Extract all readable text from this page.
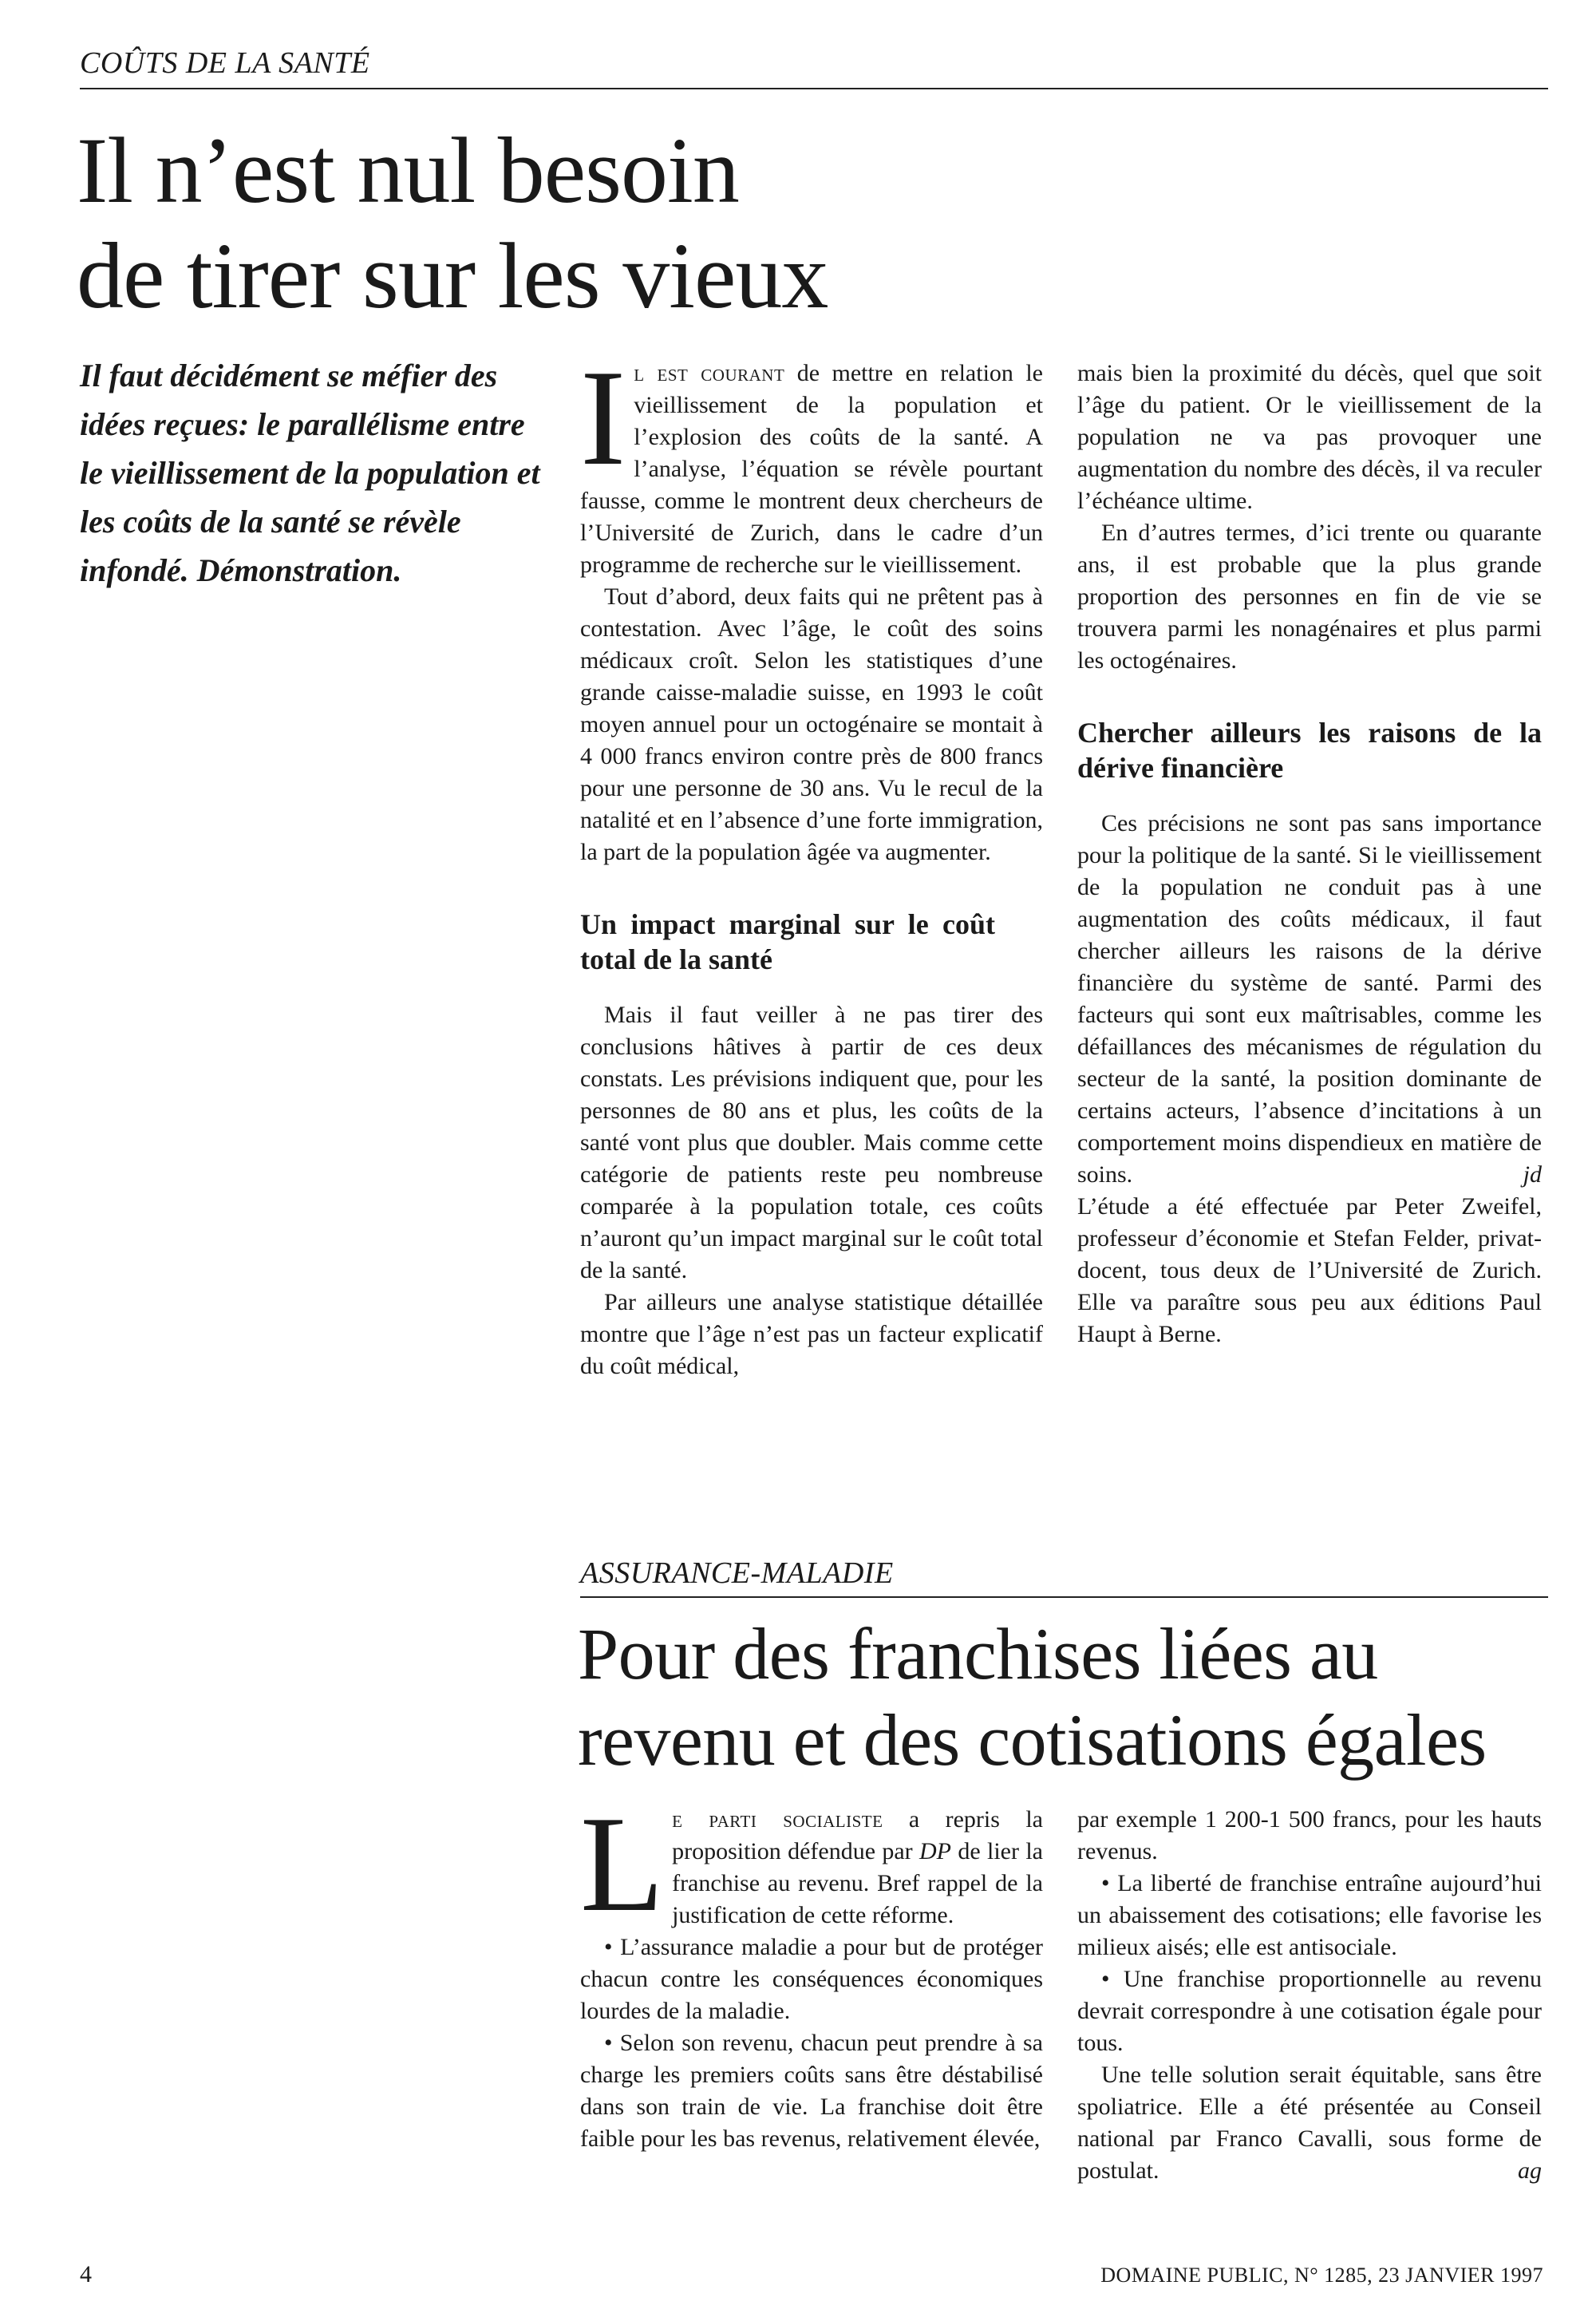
COÛTS DE LA SANTÉ
Il n’est nul besoin
de tirer sur les vieux

Il faut décidément se méfier des idées reçues: le parallélisme entre le vieillissement de la population et les coûts de la santé se révèle infondé. Démonstration.

Il est courant de mettre en relation le vieillissement de la population et l’explosion des coûts de la santé. A l’analyse, l’équation se révèle pourtant fausse, comme le montrent deux chercheurs de l’Université de Zurich, dans le cadre d’un programme de recherche sur le vieillissement.

Tout d’abord, deux faits qui ne prêtent pas à contestation. Avec l’âge, le coût des soins médicaux croît. Selon les statistiques d’une grande caisse-maladie suisse, en 1993 le coût moyen annuel pour un octogénaire se montait à 4 000 francs environ contre près de 800 francs pour une personne de 30 ans. Vu le recul de la natalité et en l’absence d’une forte immigration, la part de la population âgée va augmenter.

Un impact marginal sur le coût total de la santé

Mais il faut veiller à ne pas tirer des conclusions hâtives à partir de ces deux constats. Les prévisions indiquent que, pour les personnes de 80 ans et plus, les coûts de la santé vont plus que doubler. Mais comme cette catégorie de patients reste peu nombreuse comparée à la population totale, ces coûts n’auront qu’un impact marginal sur le coût total de la santé.

Par ailleurs une analyse statistique détaillée montre que l’âge n’est pas un facteur explicatif du coût médical,

mais bien la proximité du décès, quel que soit l’âge du patient. Or le vieillissement de la population ne va pas provoquer une augmentation du nombre des décès, il va reculer l’échéance ultime.

En d’autres termes, d’ici trente ou quarante ans, il est probable que la plus grande proportion des personnes en fin de vie se trouvera parmi les nonagénaires et plus parmi les octogénaires.

Chercher ailleurs les raisons de la dérive financière

Ces précisions ne sont pas sans importance pour la politique de la santé. Si le vieillissement de la population ne conduit pas à une augmentation des coûts médicaux, il faut chercher ailleurs les raisons de la dérive financière du système de santé. Parmi des facteurs qui sont eux maîtrisables, comme les défaillances des mécanismes de régulation du secteur de la santé, la position dominante de certains acteurs, l’absence d’incitations à un comportement moins dispendieux en matière de soins.	jd

L’étude a été effectuée par Peter Zweifel, professeur d’économie et Stefan Felder, privat-docent, tous deux de l’Université de Zurich. Elle va paraître sous peu aux éditions Paul Haupt à Berne.

ASSURANCE-MALADIE
Pour des franchises liées au
revenu et des cotisations égales

Le parti socialiste a repris la proposition défendue par DP de lier la franchise au revenu. Bref rappel de la justification de cette réforme.

• L’assurance maladie a pour but de protéger chacun contre les conséquences économiques lourdes de la maladie.

• Selon son revenu, chacun peut prendre à sa charge les premiers coûts sans être déstabilisé dans son train de vie. La franchise doit être faible pour les bas revenus, relativement élevée,

par exemple 1 200-1 500 francs, pour les hauts revenus.

• La liberté de franchise entraîne aujourd’hui un abaissement des cotisations; elle favorise les milieux aisés; elle est antisociale.

• Une franchise proportionnelle au revenu devrait correspondre à une cotisation égale pour tous.

Une telle solution serait équitable, sans être spoliatrice. Elle a été présentée au Conseil national par Franco Cavalli, sous forme de postulat.	ag

4	DOMAINE PUBLIC, N° 1285, 23 JANVIER 1997
